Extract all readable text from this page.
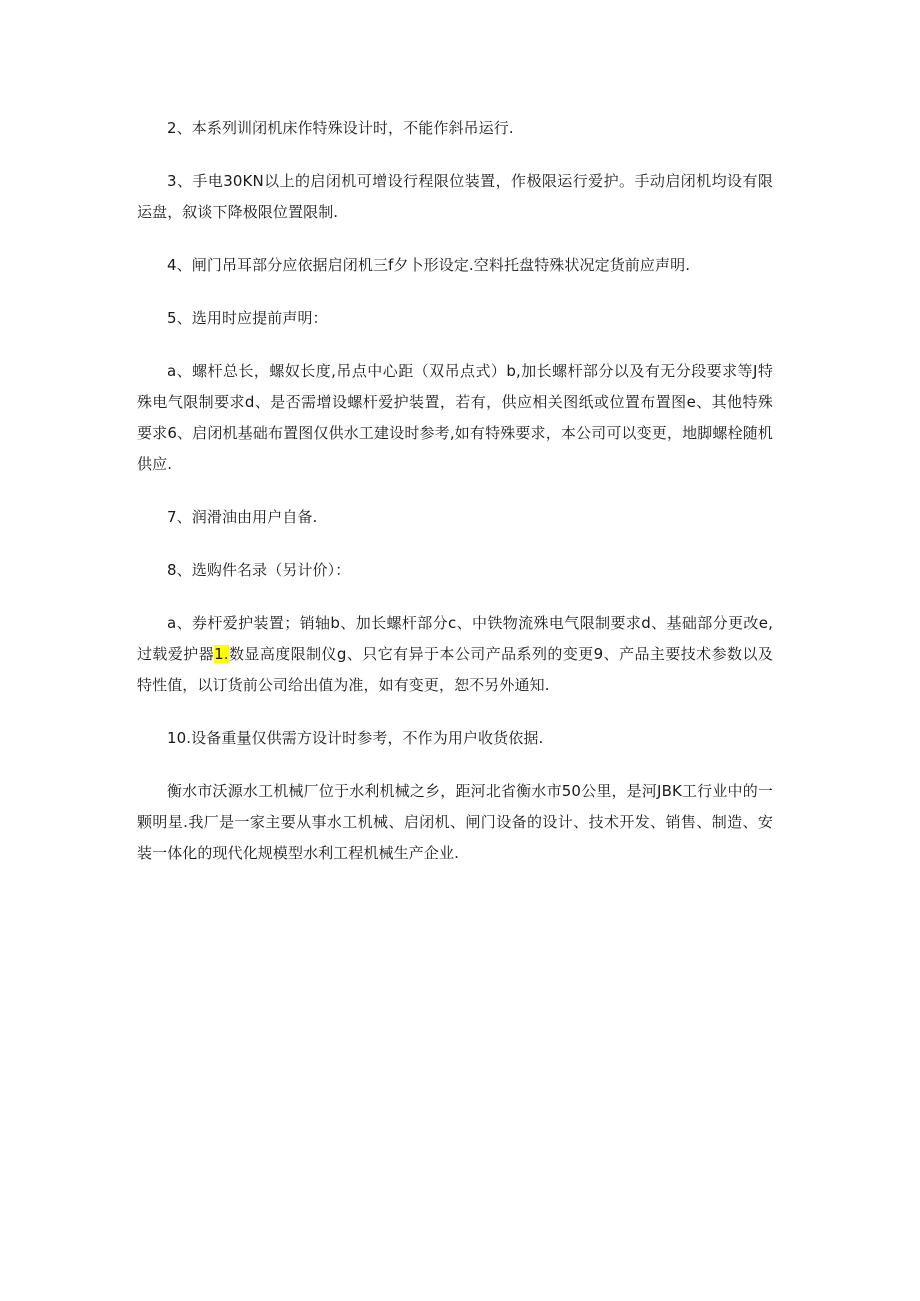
2、本系列训闭机床作特殊设计时，不能作斜吊运行.

3、手电30KN以上的启闭机可增设行程限位装置，作极限运行爱护。手动启闭机均设有限运盘，叙谈下降极限位置限制.

4、闸门吊耳部分应依据启闭机三f夕卜形设定.空料托盘特殊状况定货前应声明.

5、选用时应提前声明：

a、螺杆总长，螺奴长度,吊点中心距（双吊点式）b,加长螺杆部分以及有无分段要求等J特殊电气限制要求d、是否需增设螺杆爱护装置，若有，供应相关图纸或位置布置图e、其他特殊要求6、启闭机基础布置图仅供水工建设时参考,如有特殊要求，本公司可以变更，地脚螺栓随机供应.

7、润滑油由用户自备.

8、选购件名录（另计价）：

a、券杆爱护装置；销轴b、加长螺杆部分c、中铁物流殊电气限制要求d、基础部分更改e,过载爱护器1.数显高度限制仪g、只它有异于本公司产品系列的变更9、产品主要技术参数以及特性值，以订货前公司给出值为准，如有变更，恕不另外通知.

10.设备重量仅供需方设计时参考，不作为用户收货依据.

衡水市沃源水工机械厂位于水利机械之乡，距河北省衡水市50公里，是河JBK工行业中的一颗明星.我厂是一家主要从事水工机械、启闭机、闸门设备的设计、技术开发、销售、制造、安装一体化的现代化规模型水利工程机械生产企业.
